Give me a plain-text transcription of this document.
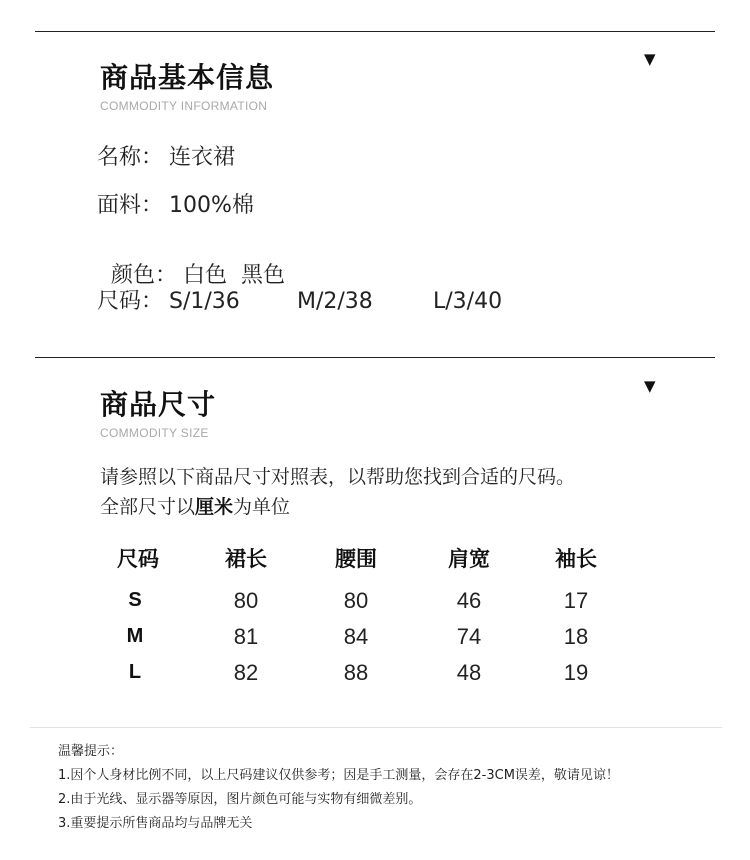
▼
商品基本信息
COMMODITY INFORMATION
名称： 连衣裙
面料： 100%棉

颜色： 白色  黑色

尺码： S/1/36	M/2/38	L/3/40
▼
商品尺寸
COMMODITY SIZE
请参照以下商品尺寸对照表，以帮助您找到合适的尺码。
全部尺寸以厘米为单位
尺码	裙长	腰围	肩宽	袖长
S	80	80	46	17
M	81	84	74	18
L	82	88	48	19
温馨提示：
1.因个人身材比例不同，以上尺码建议仅供参考；因是手工测量，会存在2-3CM误差，敬请见谅！
2.由于光线、显示器等原因，图片颜色可能与实物有细微差别。
3.重要提示所售商品均与品牌无关
